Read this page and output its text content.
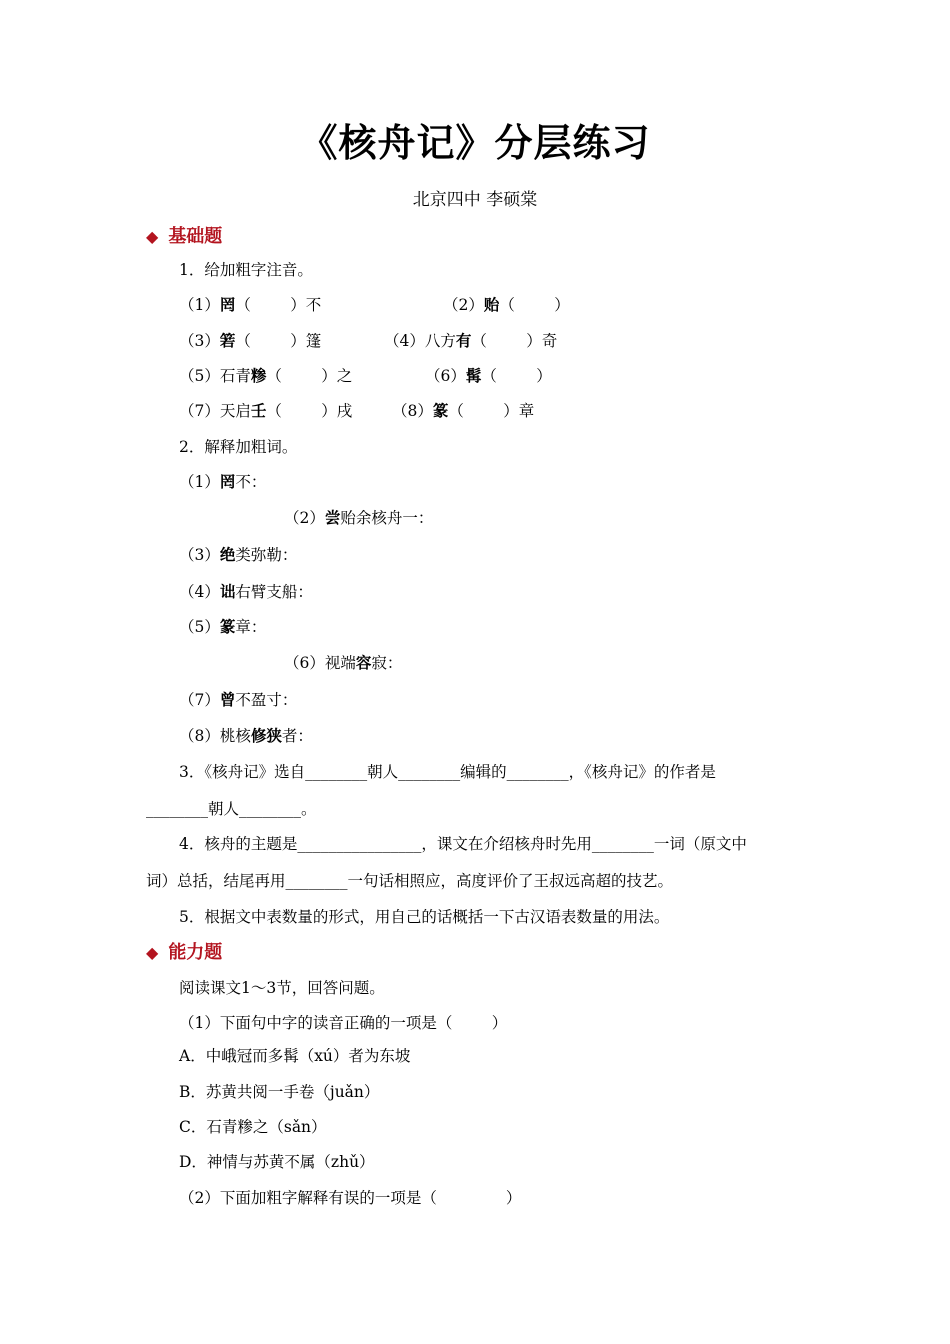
《核舟记》分层练习
北京四中 李硕棠
◆ 基础题
1．给加粗字注音。
（1）罔（        ）不	（2）贻（        ）
（3）箬（        ）篷	（4）八方有（        ）奇
（5）石青糁（        ）之	（6）髯（        ）
（7）天启壬（        ）戌	（8）篆（        ）章
2．解释加粗词。
（1）罔不：
（2）尝贻余核舟一：
（3）绝类弥勒：
（4）诎右臂支船：
（5）篆章：
（6）视端容寂：
（7）曾不盈寸：
（8）桃核修狭者：
3．《核舟记》选自________朝人________编辑的________，《核舟记》的作者是
________朝人________。
4．核舟的主题是________________，课文在介绍核舟时先用________一词（原文中
词）总括，结尾再用________一句话相照应，高度评价了王叔远高超的技艺。
5．根据文中表数量的形式，用自己的话概括一下古汉语表数量的用法。
◆ 能力题
阅读课文1～3节，回答问题。
（1）下面句中字的读音正确的一项是（        ）
A．中峨冠而多髯（xú）者为东坡
B．苏黄共阅一手卷（juǎn）
C．石青糁之（sǎn）
D．神情与苏黄不属（zhǔ）
（2）下面加粗字解释有误的一项是（              ）
